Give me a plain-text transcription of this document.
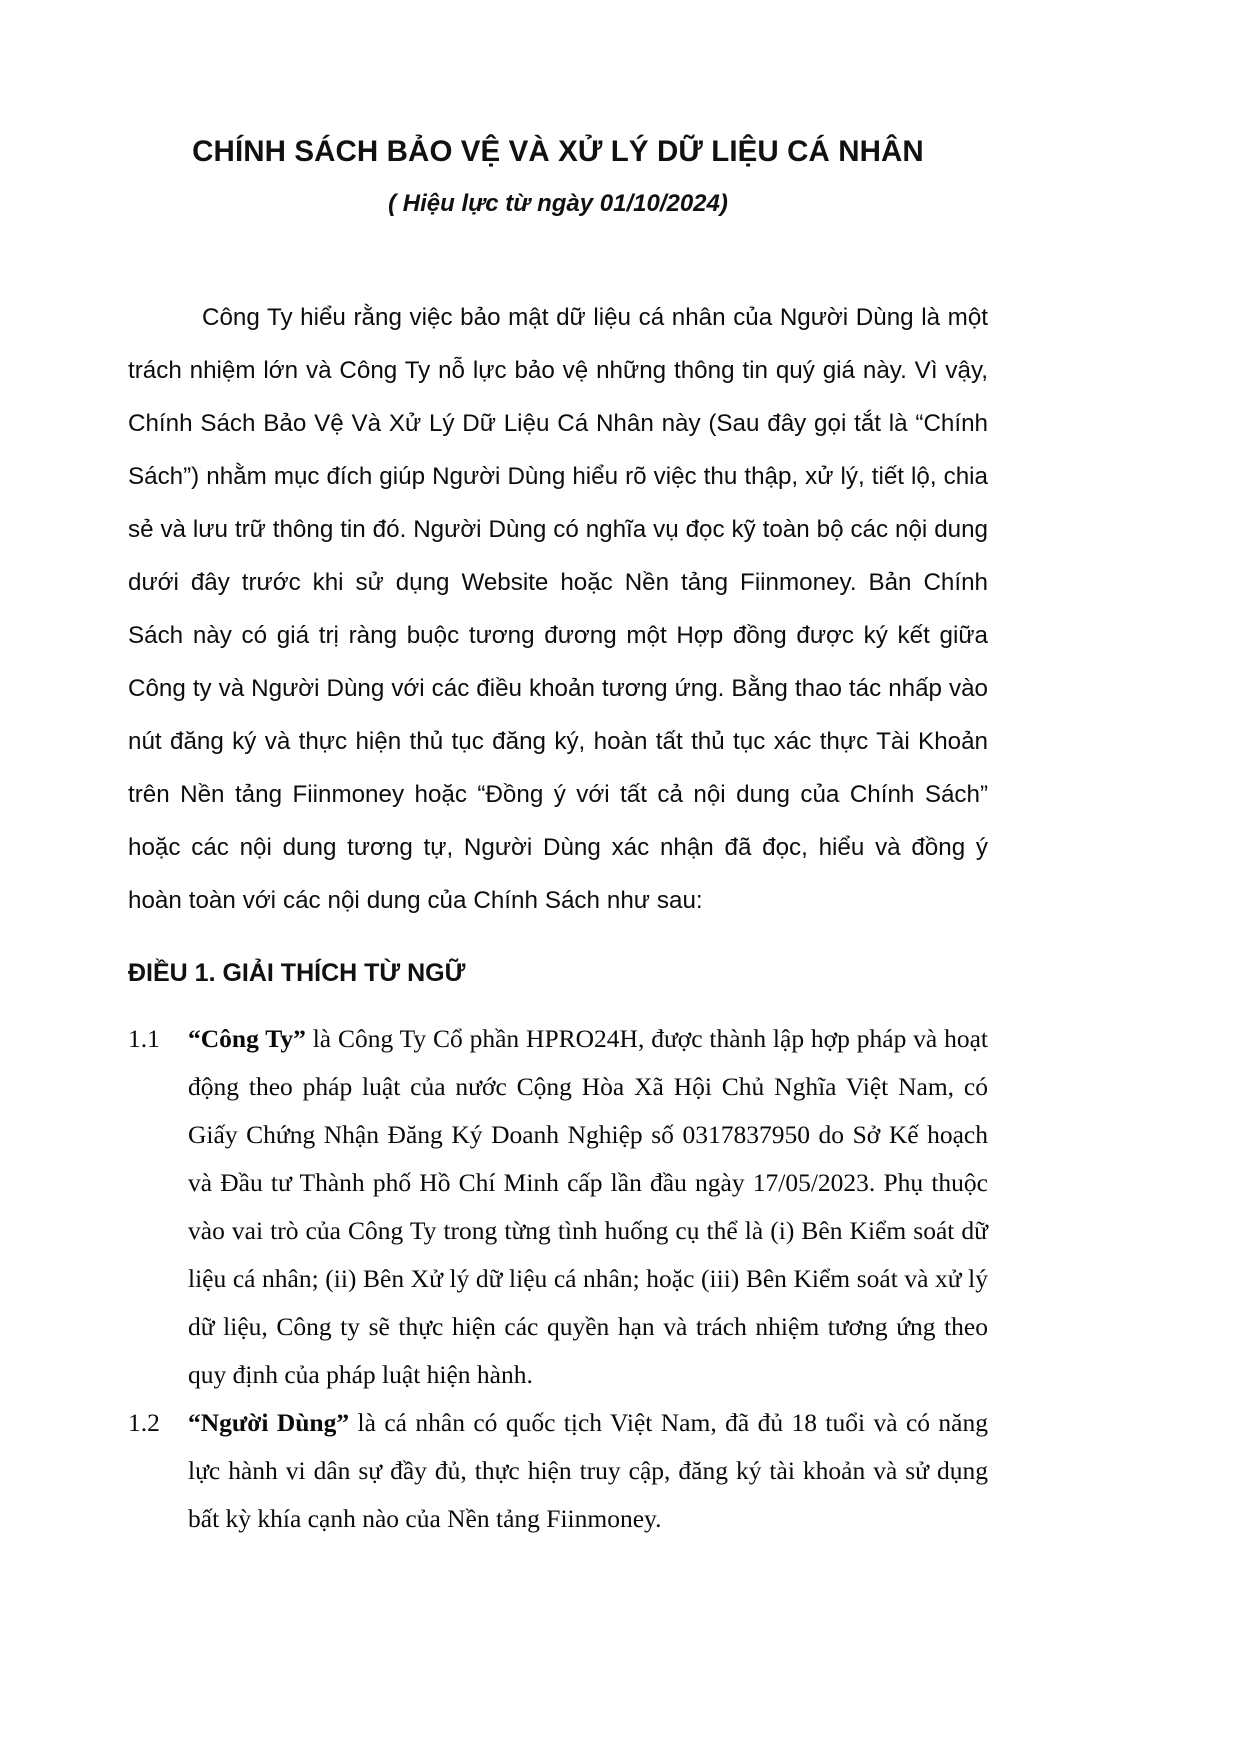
CHÍNH SÁCH BẢO VỆ VÀ XỬ LÝ DỮ LIỆU CÁ NHÂN
( Hiệu lực từ ngày 01/10/2024)

Công Ty hiểu rằng việc bảo mật dữ liệu cá nhân của Người Dùng là một trách nhiệm lớn và Công Ty nỗ lực bảo vệ những thông tin quý giá này. Vì vậy, Chính Sách Bảo Vệ Và Xử Lý Dữ Liệu Cá Nhân này (Sau đây gọi tắt là “Chính Sách”) nhằm mục đích giúp Người Dùng hiểu rõ việc thu thập, xử lý, tiết lộ, chia sẻ và lưu trữ thông tin đó. Người Dùng có nghĩa vụ đọc kỹ toàn bộ các nội dung dưới đây trước khi sử dụng Website hoặc Nền tảng Fiinmoney. Bản Chính Sách này có giá trị ràng buộc tương đương một Hợp đồng được ký kết giữa Công ty và Người Dùng với các điều khoản tương ứng. Bằng thao tác nhấp vào nút đăng ký và thực hiện thủ tục đăng ký, hoàn tất thủ tục xác thực Tài Khoản trên Nền tảng Fiinmoney hoặc “Đồng ý với tất cả nội dung của Chính Sách” hoặc các nội dung tương tự, Người Dùng xác nhận đã đọc, hiểu và đồng ý hoàn toàn với các nội dung của Chính Sách như sau:

ĐIỀU 1. GIẢI THÍCH TỪ NGỮ
1.1 “Công Ty” là Công Ty Cổ phần HPRO24H, được thành lập hợp pháp và hoạt động theo pháp luật của nước Cộng Hòa Xã Hội Chủ Nghĩa Việt Nam, có Giấy Chứng Nhận Đăng Ký Doanh Nghiệp số 0317837950 do Sở Kế hoạch và Đầu tư Thành phố Hồ Chí Minh cấp lần đầu ngày 17/05/2023. Phụ thuộc vào vai trò của Công Ty trong từng tình huống cụ thể là (i) Bên Kiểm soát dữ liệu cá nhân; (ii) Bên Xử lý dữ liệu cá nhân; hoặc (iii) Bên Kiểm soát và xử lý dữ liệu, Công ty sẽ thực hiện các quyền hạn và trách nhiệm tương ứng theo quy định của pháp luật hiện hành.
1.2 “Người Dùng” là cá nhân có quốc tịch Việt Nam, đã đủ 18 tuổi và có năng lực hành vi dân sự đầy đủ, thực hiện truy cập, đăng ký tài khoản và sử dụng bất kỳ khía cạnh nào của Nền tảng Fiinmoney.
